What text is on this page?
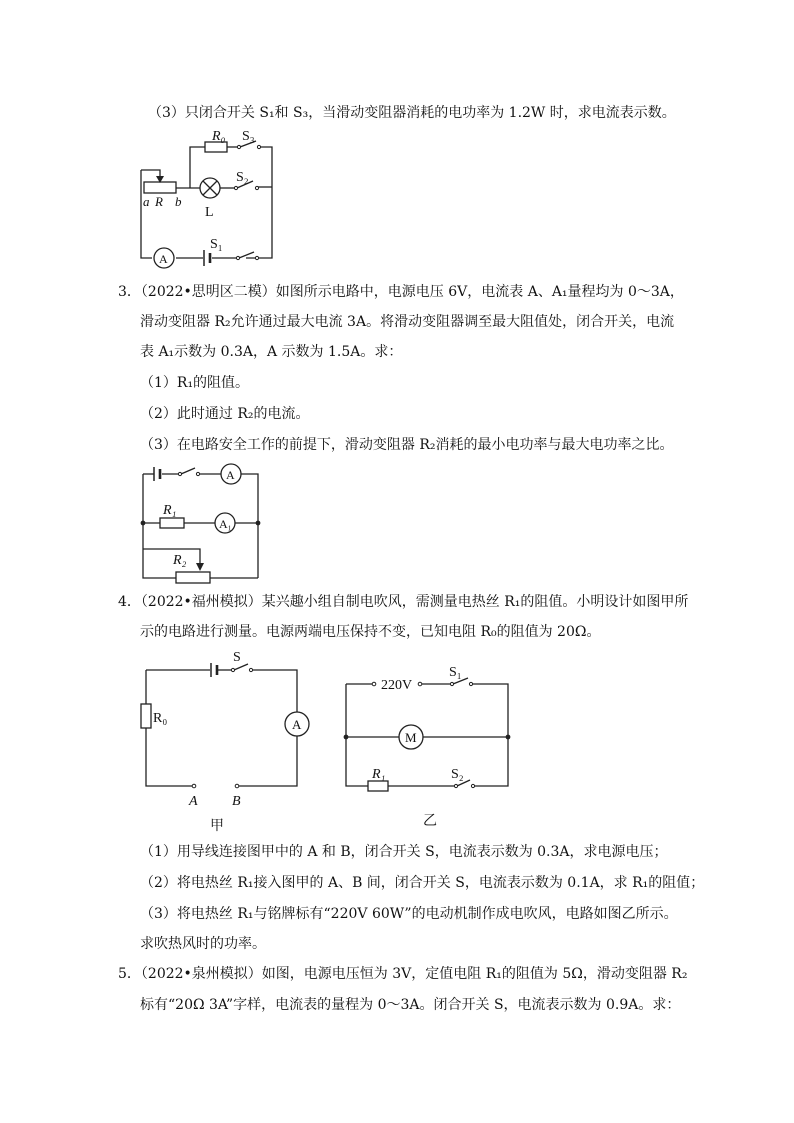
（3）只闭合开关 S₁和 S₃，当滑动变阻器消耗的电功率为 1.2W 时，求电流表示数。
R₀ S₃
S₂
S₁
a R b
L
A
3．（2022•思明区二模）如图所示电路中，电源电压 6V，电流表 A、A₁量程均为 0～3A，
滑动变阻器 R₂允许通过最大电流 3A。将滑动变阻器调至最大阻值处，闭合开关，电流
表 A₁示数为 0.3A，A 示数为 1.5A。求：
（1）R₁的阻值。
（2）此时通过 R₂的电流。
（3）在电路安全工作的前提下，滑动变阻器 R₂消耗的最小电功率与最大电功率之比。
A
A₁
R₁
R₂
4．（2022•福州模拟）某兴趣小组自制电吹风，需测量电热丝 R₁的阻值。小明设计如图甲所
示的电路进行测量。电源两端电压保持不变，已知电阻 R₀的阻值为 20Ω。
S
R₀	A
A B
甲
220V
S₁
M
R₁	S₂
乙
（1）用导线连接图甲中的 A 和 B，闭合开关 S，电流表示数为 0.3A，求电源电压；
（2）将电热丝 R₁接入图甲的 A、B 间，闭合开关 S，电流表示数为 0.1A，求 R₁的阻值；
（3）将电热丝 R₁与铭牌标有“220V 60W”的电动机制作成电吹风，电路如图乙所示。
求吹热风时的功率。
5．（2022•泉州模拟）如图，电源电压恒为 3V，定值电阻 R₁的阻值为 5Ω，滑动变阻器 R₂
标有“20Ω 3A”字样，电流表的量程为 0～3A。闭合开关 S，电流表示数为 0.9A。求：
